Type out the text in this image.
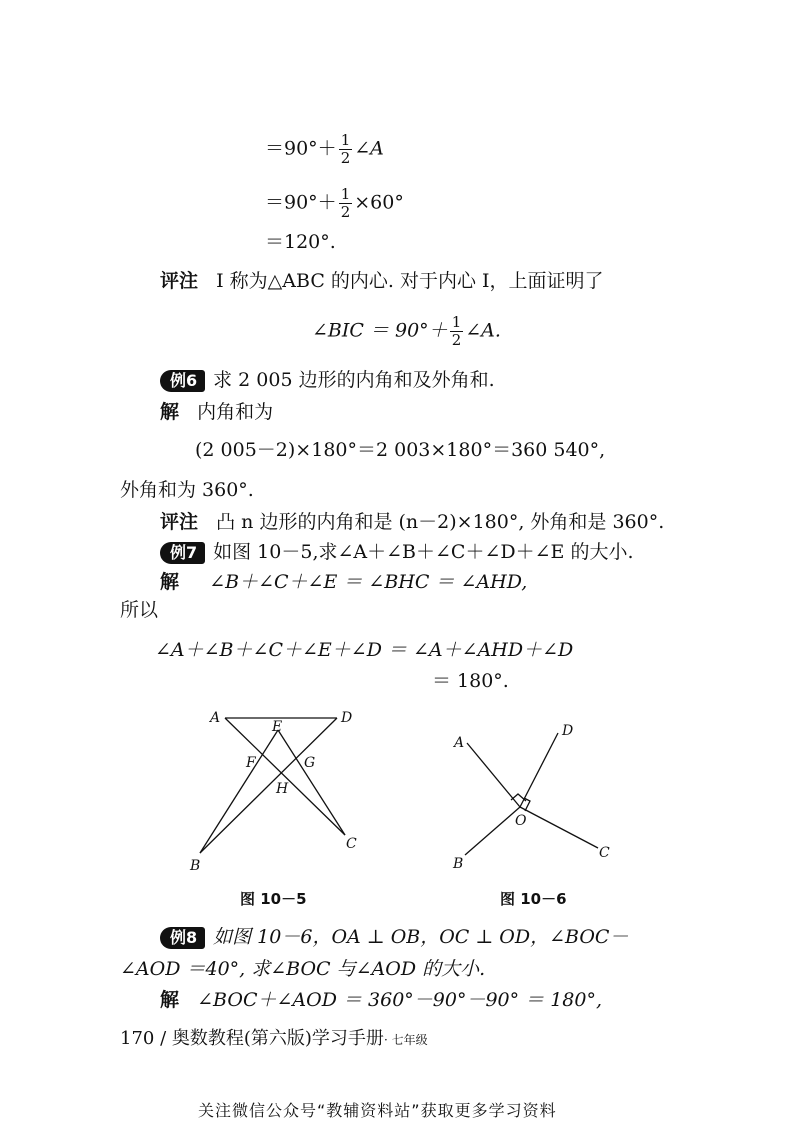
$=90^\circ+ \frac{1}{2}$ ∠A
$=90^\circ+ \frac{1}{2} \times 60^\circ$
＝120°.
评注 I 称为△ABC 的内心. 对于内心 I，上面证明了
∠BIC ＝ $90^\circ+ \frac{1}{2}$ ∠A.
例6 求 2 005 边形的内角和及外角和.
解 内角和为
(2 005－2)×180°＝2 003×180°＝360 540°,
外角和为 360°.
评注 凸 n 边形的内角和是 (n－2)×180°, 外角和是 360°.
例7 如图 10－5,求∠A＋∠B＋∠C＋∠D＋∠E 的大小.
解 ∠B＋∠C＋∠E ＝ ∠BHC ＝ ∠AHD,
所以
∠A＋∠B＋∠C＋∠E＋∠D ＝ ∠A＋∠AHD＋∠D
＝ 180°.
A	D
E
F	G
H
B
C
图 10－5
A
D
O
B
C
图 10－6
例8 如图 10－6，OA ⊥ OB，OC ⊥ OD，∠BOC－
∠AOD ＝40°, 求∠BOC 与∠AOD 的大小.
解 ∠BOC＋∠AOD ＝ 360°－90°－90° ＝ 180°,
170 / 奥数教程(第六版)学习手册· 七年级
关注微信公众号“教辅资料站”获取更多学习资料
